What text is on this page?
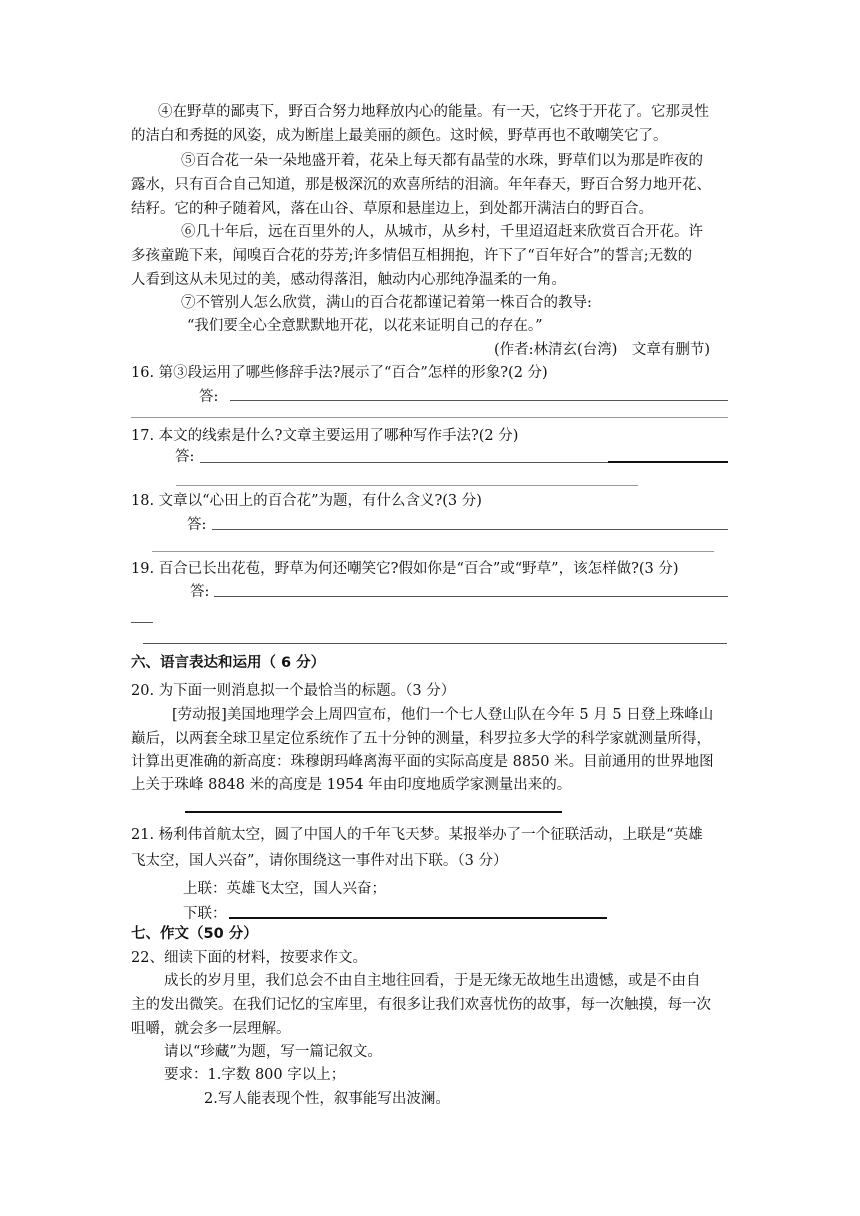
④在野草的鄙夷下，野百合努力地释放内心的能量。有一天，它终于开花了。它那灵性
的洁白和秀挺的风姿，成为断崖上最美丽的颜色。这时候，野草再也不敢嘲笑它了。
⑤百合花一朵一朵地盛开着，花朵上每天都有晶莹的水珠，野草们以为那是昨夜的
露水，只有百合自己知道，那是极深沉的欢喜所结的泪滴。年年春天，野百合努力地开花、
结籽。它的种子随着风，落在山谷、草原和悬崖边上，到处都开满洁白的野百合。
⑥几十年后，远在百里外的人，从城市，从乡村，千里迢迢赶来欣赏百合开花。许
多孩童跪下来，闻嗅百合花的芬芳;许多情侣互相拥抱，许下了“百年好合”的誓言;无数的
人看到这从未见过的美，感动得落泪，触动内心那纯净温柔的一角。
⑦不管别人怎么欣赏，满山的百合花都谨记着第一株百合的教导:
“我们要全心全意默默地开花，以花来证明自己的存在。”
(作者:林清玄(台湾)　文章有删节)
16. 第③段运用了哪些修辞手法?展示了“百合”怎样的形象?(2 分)
答:
17. 本文的线索是什么?文章主要运用了哪种写作手法?(2 分)
答:
18. 文章以“心田上的百合花”为题，有什么含义?(3 分)
答:
19. 百合已长出花苞，野草为何还嘲笑它?假如你是“百合”或“野草”，该怎样做?(3 分)
答:
六、语言表达和运用（ 6 分）
20. 为下面一则消息拟一个最恰当的标题。（3 分）
[劳动报]美国地理学会上周四宣布，他们一个七人登山队在今年 5 月 5 日登上珠峰山
巅后，以两套全球卫星定位系统作了五十分钟的测量，科罗拉多大学的科学家就测量所得，
计算出更准确的新高度：珠穆朗玛峰离海平面的实际高度是 8850 米。目前通用的世界地图
上关于珠峰 8848 米的高度是 1954 年由印度地质学家测量出来的。
21. 杨利伟首航太空，圆了中国人的千年飞天梦。某报举办了一个征联活动，上联是“英雄
飞太空，国人兴奋”，请你围绕这一事件对出下联。（3 分）
上联：英雄飞太空，国人兴奋；
下联：
七、作文（50 分）
22、细读下面的材料，按要求作文。
成长的岁月里，我们总会不由自主地往回看，于是无缘无故地生出遗憾，或是不由自
主的发出微笑。在我们记忆的宝库里，有很多让我们欢喜忧伤的故事，每一次触摸，每一次
咀嚼，就会多一层理解。
请以“珍藏”为题，写一篇记叙文。
要求：1.字数 800 字以上；
2.写人能表现个性，叙事能写出波澜。
